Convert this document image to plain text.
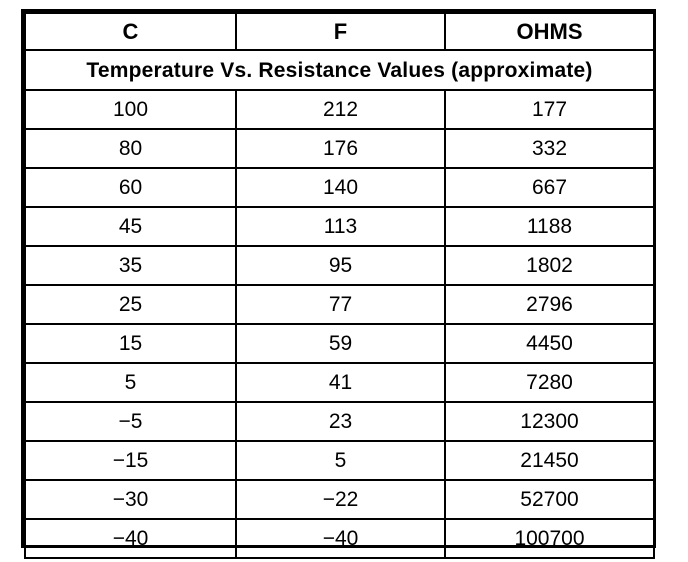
C	F	OHMS
Temperature Vs. Resistance Values (approximate)		
100	212	177
80	176	332
60	140	667
45	113	1188
35	95	1802
25	77	2796
15	59	4450
5	41	7280
−5	23	12300
−15	5	21450
−30	−22	52700
−40	−40	100700
